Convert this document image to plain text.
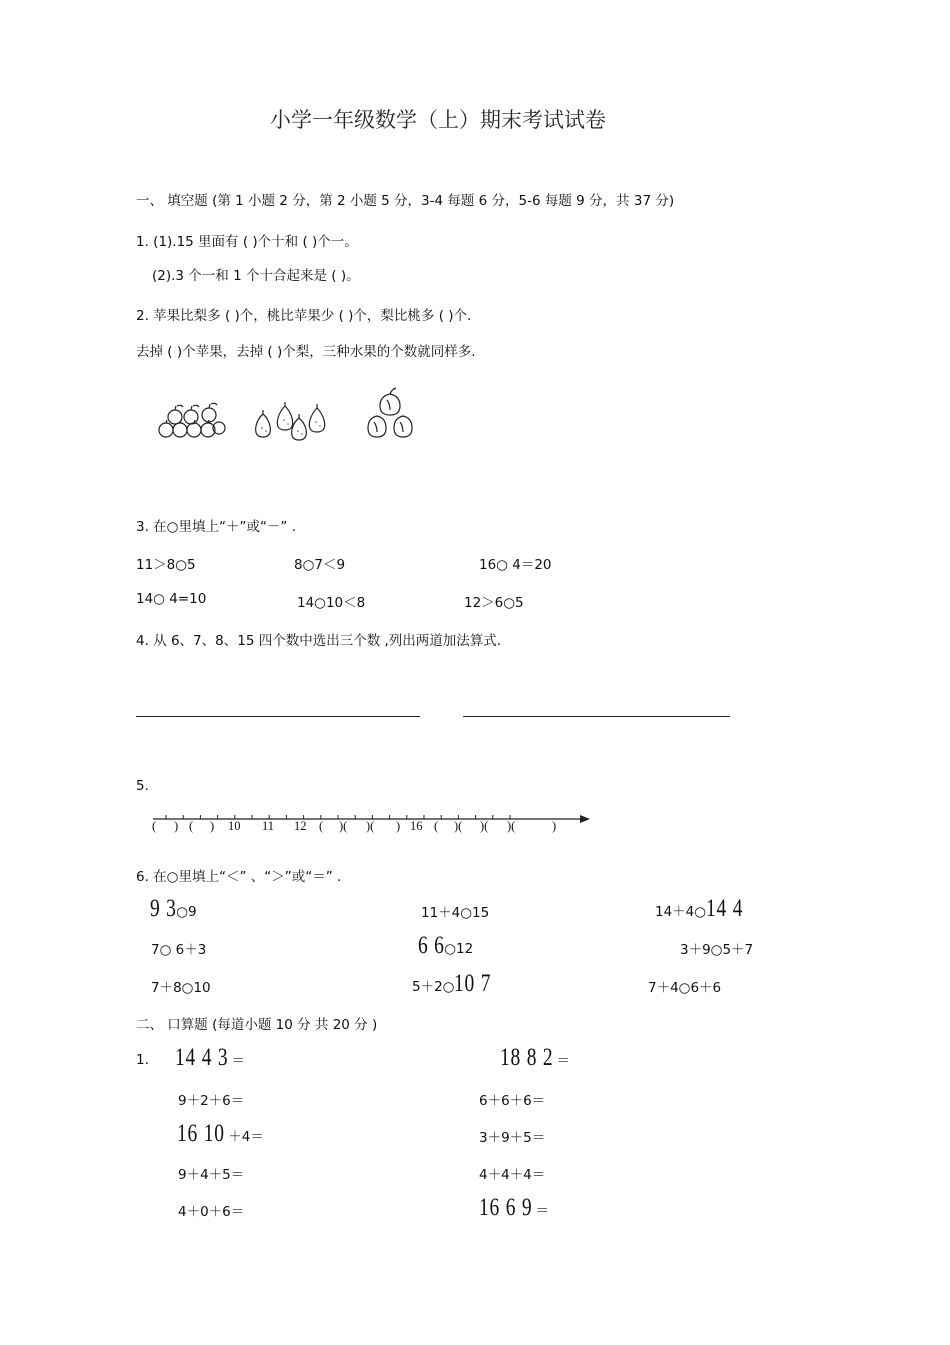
小学一年级数学（上）期末考试试卷
一、 填空题 (第 1 小题 2 分，第 2 小题 5 分，3-4 每题 6 分，5-6 每题 9 分，共 37 分)
1. (1).15 里面有 ( )个十和 ( )个一。
(2).3 个一和 1 个十合起来是 ( )。
2. 苹果比梨多 ( )个，桃比苹果少 ( )个，梨比桃多 ( )个.
去掉 ( )个苹果，去掉 ( )个梨，三种水果的个数就同样多.
3. 在○里填上“＋”或“－” .
11＞8○5	8○7＜9	16○ 4＝20
14○ 4=10	14○10＜8	12＞6○5
4. 从 6、7、8、15 四个数中选出三个数 ,列出两道加法算式.
5.
( ) ( ) 10 11 12 ( )( )( ) 16 ( )( )( )(	)
6. 在○里填上“＜” 、“＞”或“＝” .
9 3○9	11＋4○15	14＋4○14 4
7○ 6＋3	6 6○12	3＋9○5＋7
7＋8○10	5＋2○10 7	7＋4○6＋6
二、 口算题 (每道小题 10 分 共 20 分 )
1. 14 4 3 ＝	18 8 2 ＝
9＋2＋6＝	6＋6＋6＝
16 10 ＋4＝	3＋9＋5＝
9＋4＋5＝	4＋4＋4＝
4＋0＋6＝	16 6 9 ＝
